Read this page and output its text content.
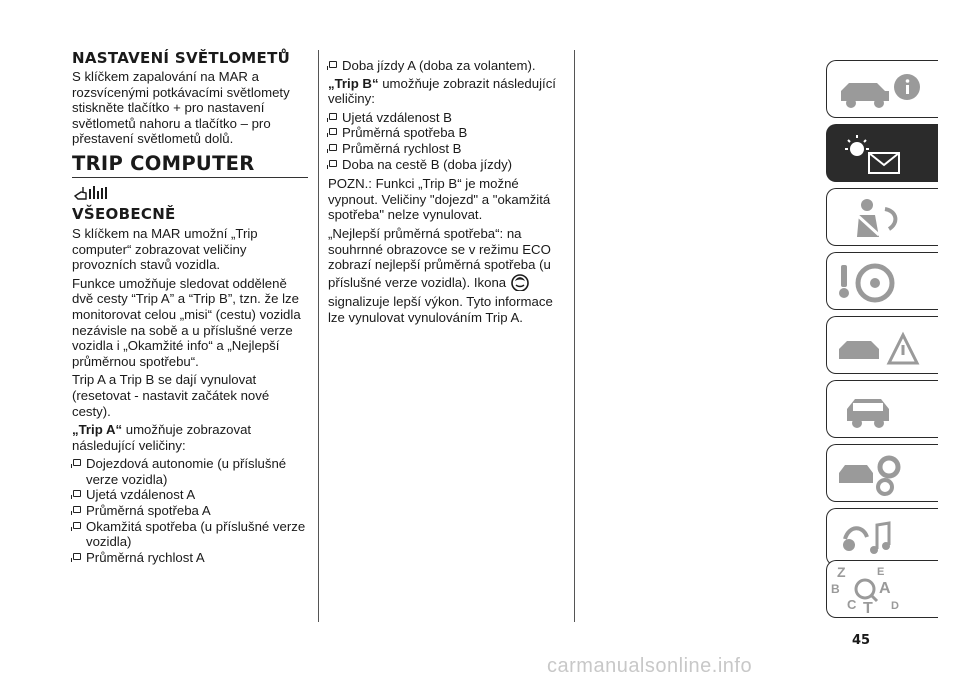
NASTAVENÍ SVĚTLOMETŮ

S klíčkem zapalování na MAR a rozsvícenými potkávacími světlomety stiskněte tlačítko + pro nastavení světlometů nahoru a tlačítko – pro přestavení světlometů dolů.

TRIP COMPUTER
VŠEOBECNĚ

S klíčkem na MAR umožní „Trip computer“ zobrazovat veličiny provozních stavů vozidla.

Funkce umožňuje sledovat odděleně dvě cesty “Trip A” a “Trip B”, tzn. že lze monitorovat celou „misi“ (cestu) vozidla nezávisle na sobě a u příslušné verze vozidla i „Okamžité info“ a „Nejlepší průměrnou spotřebu“.

Trip A a Trip B se dají vynulovat (resetovat - nastavit začátek nové cesty).

„Trip A“ umožňuje zobrazovat následující veličiny:

Dojezdová autonomie (u příslušné verze vozidla)

Ujetá vzdálenost A

Průměrná spotřeba A

Okamžitá spotřeba (u příslušné verze vozidla)

Průměrná rychlost A

Doba jízdy A (doba za volantem).

„Trip B“ umožňuje zobrazit následující veličiny:

Ujetá vzdálenost B

Průměrná spotřeba B

Průměrná rychlost B

Doba na cestě B (doba jízdy)

POZN.: Funkci „Trip B“ je možné vypnout. Veličiny "dojezd" a "okamžitá spotřeba" nelze vynulovat.

„Nejlepší průměrná spotřeba“: na souhrnné obrazovce se v režimu ECO zobrazí nejlepší průměrná spotřeba (u příslušné verze vozidla). Ikona

signalizuje lepší výkon. Tyto informace lze vynulovat vynulováním Trip A.

Z	E
B A
C T D
45
carmanualsonline.info
